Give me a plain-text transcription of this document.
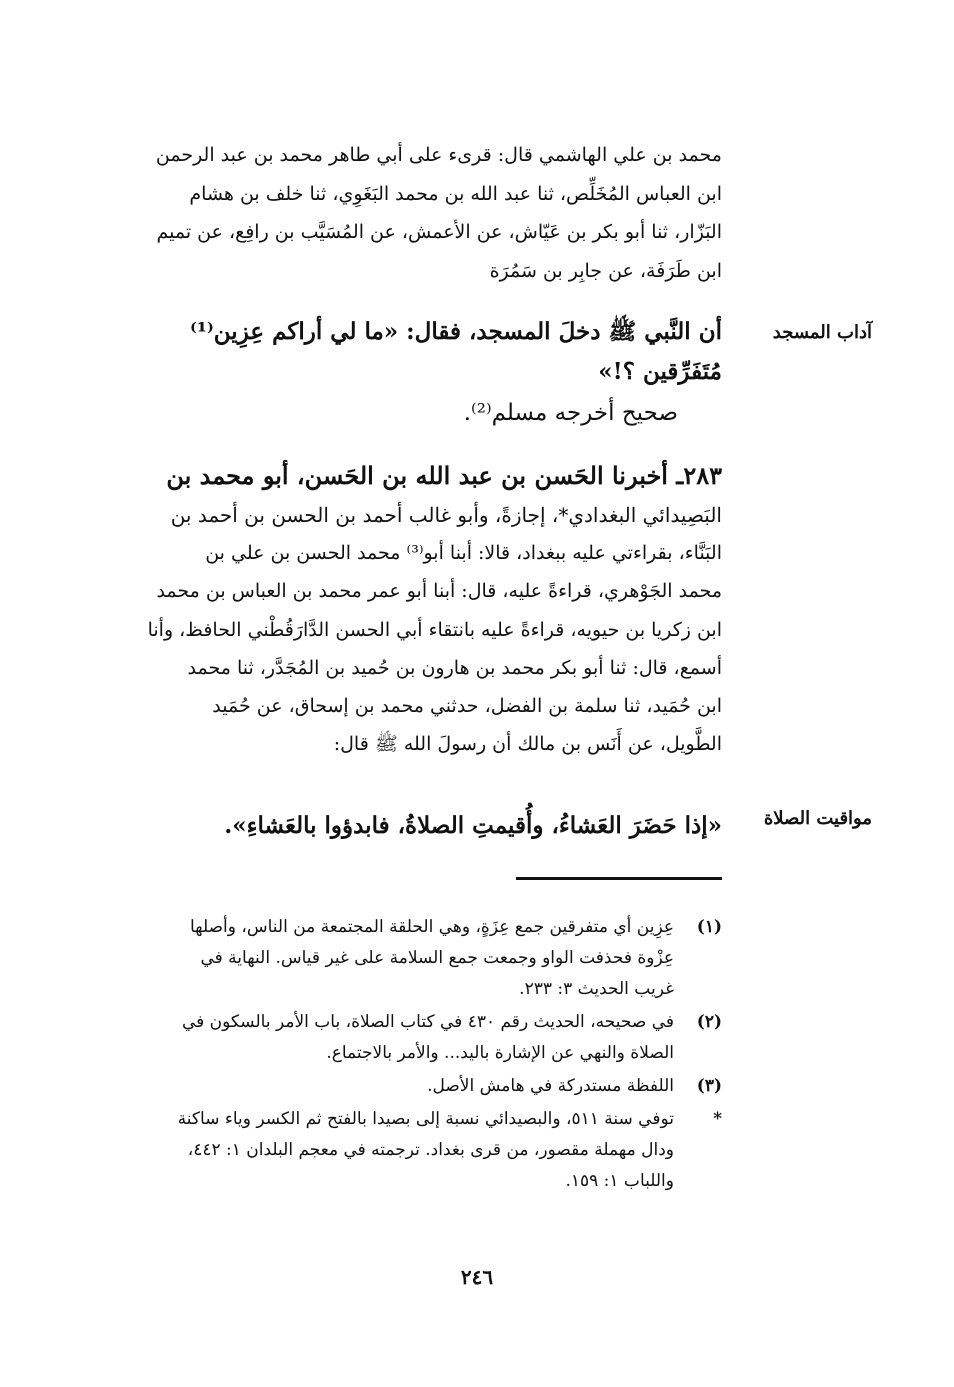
محمد بن علي الهاشمي قال: قرىء على أبي طاهر محمد بن عبد الرحمن
ابن العباس المُخَلِّص، ثنا عبد الله بن محمد البَغَوِي، ثنا خلف بن هشام
البَزّار، ثنا أبو بكر بن عَيّاش، عن الأعمش، عن المُسَيَّب بن رافِع، عن تميم
ابن طَرَفَة، عن جابِر بن سَمُرَة
آداب المسجد
أن النَّبي ﷺ دخلَ المسجد، فقال: «ما لي أراكم عِزِين⁽¹⁾
مُتَفَرِّقين ؟!»
صحيح أخرجه مسلم⁽²⁾.
٢٨٣ـ أخبرنا الحَسن بن عبد الله بن الحَسن، أبو محمد بن
البَصِيدائي البغدادي*، إجازةً، وأبو غالب أحمد بن الحسن بن أحمد بن
البَنَّاء، بقراءتي عليه ببغداد، قالا: أبنا أبو⁽³⁾ محمد الحسن بن علي بن
محمد الجَوْهري، قراءةً عليه، قال: أبنا أبو عمر محمد بن العباس بن محمد
ابن زكريا بن حيويه، قراءةً عليه بانتقاء أبي الحسن الدَّارَقُطْني الحافظ، وأنا
أسمع، قال: ثنا أبو بكر محمد بن هارون بن حُميد بن المُجَدَّر، ثنا محمد
ابن حُمَيد، ثنا سلمة بن الفضل، حدثني محمد بن إسحاق، عن حُمَيد
الطَّويل، عن أَنَس بن مالك أن رسولَ الله ﷺ قال:
مواقيت الصلاة
«إذا حَضَرَ العَشاءُ، وأُقيمتِ الصلاةُ، فابدؤوا بالعَشاءِ».
(١)
عِزِين أي متفرقين جمع عِزَةٍ، وهي الحلقة المجتمعة من الناس، وأصلها
عِزْوة فحذفت الواو وجمعت جمع السلامة على غير قياس. النهاية في
غريب الحديث ٣: ٢٣٣.
(٢)
في صحيحه، الحديث رقم ٤٣٠ في كتاب الصلاة، باب الأمر بالسكون في
الصلاة والنهي عن الإشارة باليد... والأمر بالاجتماع.
(٣)
اللفظة مستدركة في هامش الأصل.
*
توفي سنة ٥١١، والبصيدائي نسبة إلى بصيدا بالفتح ثم الكسر وياء ساكنة
ودال مهملة مقصور، من قرى بغداد. ترجمته في معجم البلدان ١: ٤٤٢،
واللباب ١: ١٥٩.
٢٤٦
